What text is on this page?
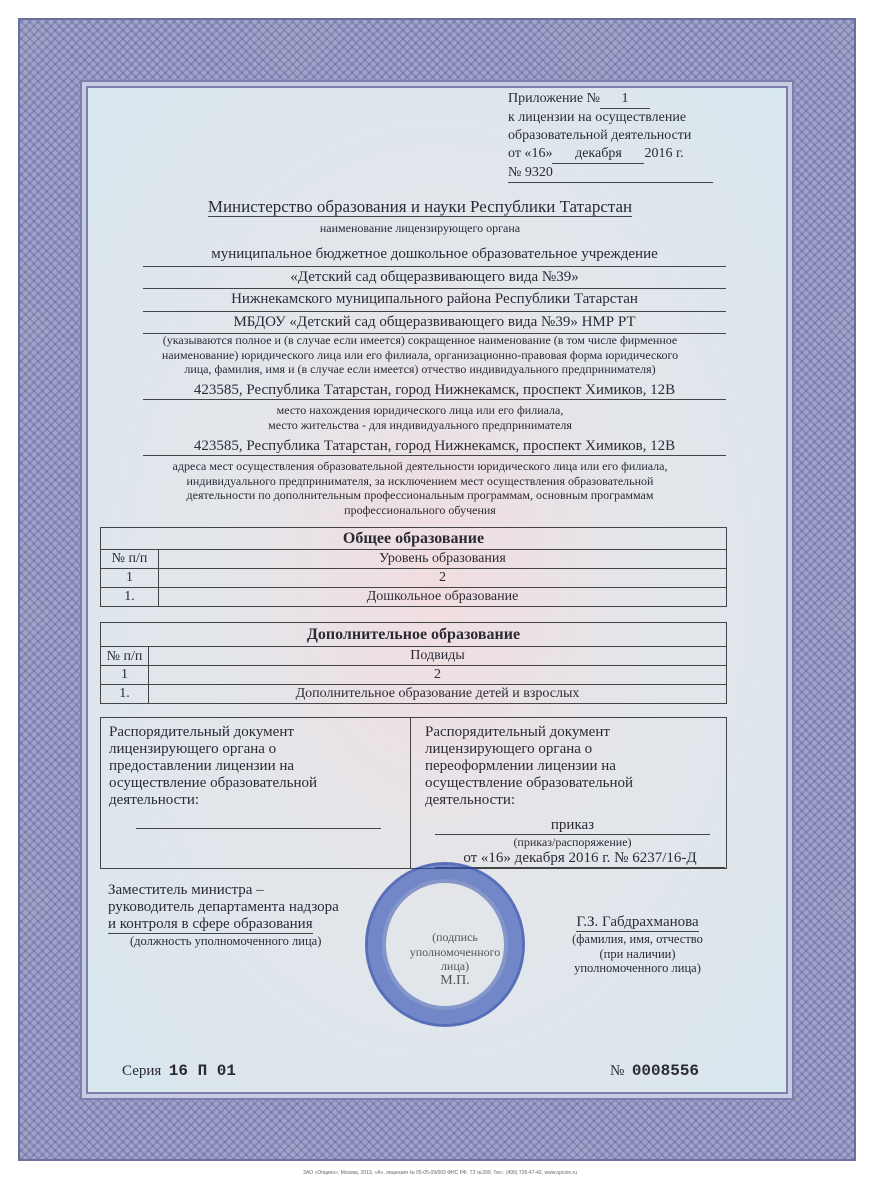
Приложение № 1
к лицензии на осуществление
образовательной деятельности
от «16» декабря 2016 г.
№ 9320
Министерство образования и науки Республики Татарстан
наименование лицензирующего органа
муниципальное бюджетное дошкольное образовательное учреждение
«Детский сад общеразвивающего вида №39»
Нижнекамского муниципального района Республики Татарстан
МБДОУ «Детский сад общеразвивающего вида №39» НМР РТ
(указываются полное и (в случае если имеется) сокращенное наименование (в том числе фирменное
наименование) юридического лица или его филиала, организационно-правовая форма юридического
лица, фамилия, имя и (в случае если имеется) отчество индивидуального предпринимателя)
423585, Республика Татарстан, город Нижнекамск, проспект Химиков, 12В
место нахождения юридического лица или его филиала,
место жительства - для индивидуального предпринимателя
423585, Республика Татарстан, город Нижнекамск, проспект Химиков, 12В
адреса мест осуществления образовательной деятельности юридического лица или его филиала,
индивидуального предпринимателя, за исключением мест осуществления образовательной
деятельности по дополнительным профессиональным программам, основным программам
профессионального обучения
Общее образование	
№ п/п	Уровень образования
1	2
1.	Дошкольное образование
Дополнительное образование	
№ п/п	Подвиды
1	2
1.	Дополнительное образование детей и взрослых
Распорядительный документ
лицензирующего органа о
предоставлении лицензии на
осуществление образовательной
деятельности:
Распорядительный документ
лицензирующего органа о
переоформлении лицензии на
осуществление образовательной
деятельности:
приказ
(приказ/распоряжение)
от «16» декабря 2016 г. № 6237/16-Д
Заместитель министра –
руководитель департамента надзора
и контроля в сфере образования
(должность уполномоченного лица)	(подпись
уполномоченного лица)
М.П.
Г.З. Габдрахманова
(фамилия, имя, отчество
(при наличии)
уполномоченного лица)
Серия 16 П 01	№ 0008556
ЗАО «Опцион», Москва, 2013, «А», лицензия № 05-05-09/003 ФНС РФ, ТЗ №399. Тел.: (495) 726-47-42, www.opcion.ru
